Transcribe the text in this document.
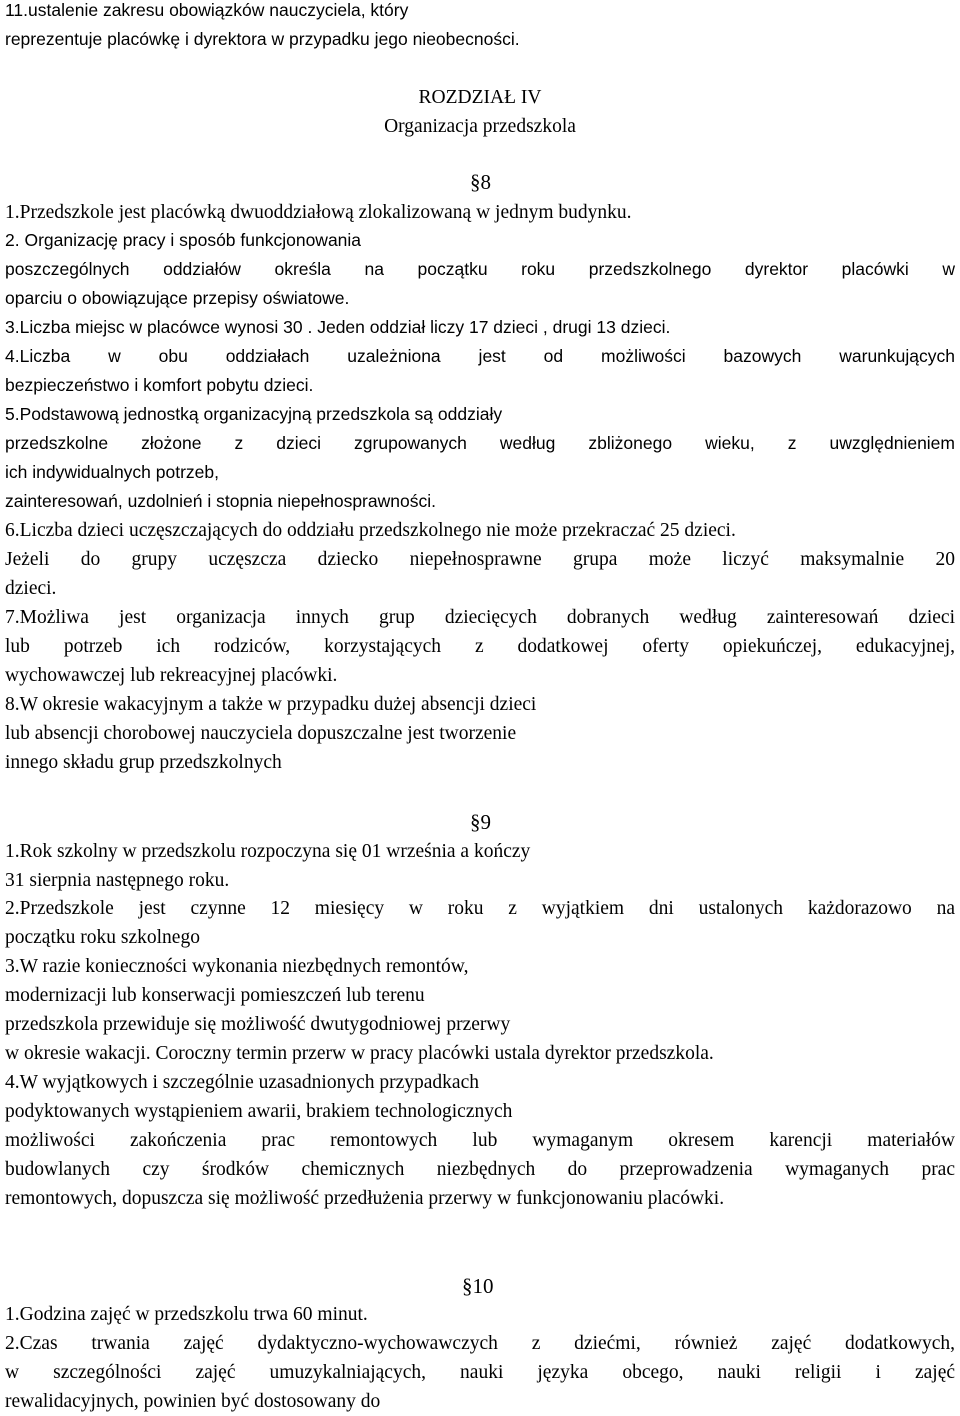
11.ustalenie zakresu obowiązków nauczyciela, który
reprezentuje placówkę i dyrektora w przypadku jego nieobecności.
ROZDZIAŁ IV
Organizacja przedszkola
§8
1.Przedszkole jest placówką dwuoddziałową zlokalizowaną w jednym budynku.
2. Organizację pracy i sposób funkcjonowania
poszczególnych oddziałów określa na początku roku przedszkolnego dyrektor placówki w
oparciu o obowiązujące przepisy oświatowe.
3.Liczba miejsc w placówce wynosi 30 . Jeden oddział liczy 17 dzieci , drugi 13 dzieci.
4.Liczba w obu oddziałach uzależniona jest od możliwości bazowych warunkujących
bezpieczeństwo i komfort pobytu dzieci.
5.Podstawową jednostką organizacyjną przedszkola są oddziały
przedszkolne złożone z dzieci zgrupowanych według zbliżonego wieku, z uwzględnieniem
ich indywidualnych potrzeb,
zainteresowań, uzdolnień i stopnia niepełnosprawności.
6.Liczba dzieci uczęszczających do oddziału przedszkolnego nie może przekraczać 25 dzieci.
Jeżeli do grupy uczęszcza dziecko niepełnosprawne grupa może liczyć maksymalnie 20
dzieci.
7.Możliwa jest organizacja innych grup dziecięcych dobranych według zainteresowań dzieci
lub potrzeb ich rodziców, korzystających z dodatkowej oferty opiekuńczej, edukacyjnej,
wychowawczej lub rekreacyjnej placówki.
8.W okresie wakacyjnym a także w przypadku dużej absencji dzieci
lub absencji chorobowej nauczyciela dopuszczalne jest tworzenie
innego składu grup przedszkolnych
§9
1.Rok szkolny w przedszkolu rozpoczyna się 01 września a kończy
31 sierpnia następnego roku.
2.Przedszkole jest czynne 12 miesięcy w roku z wyjątkiem dni ustalonych każdorazowo na
początku roku szkolnego
3.W razie konieczności wykonania niezbędnych remontów,
modernizacji lub konserwacji pomieszczeń lub terenu
przedszkola przewiduje się możliwość dwutygodniowej przerwy
w okresie wakacji. Coroczny termin przerw w pracy placówki ustala dyrektor przedszkola.
4.W wyjątkowych i szczególnie uzasadnionych przypadkach
podyktowanych wystąpieniem awarii, brakiem technologicznych
możliwości zakończenia prac remontowych lub wymaganym okresem karencji materiałów
budowlanych czy środków chemicznych niezbędnych do przeprowadzenia wymaganych prac
remontowych, dopuszcza się możliwość przedłużenia przerwy w funkcjonowaniu placówki.
§10
1.Godzina zajęć w przedszkolu trwa 60 minut.
2.Czas trwania zajęć dydaktyczno-wychowawczych z dziećmi, również zajęć dodatkowych,
w szczególności zajęć umuzykalniających, nauki języka obcego, nauki religii i zajęć
rewalidacyjnych, powinien być dostosowany do
